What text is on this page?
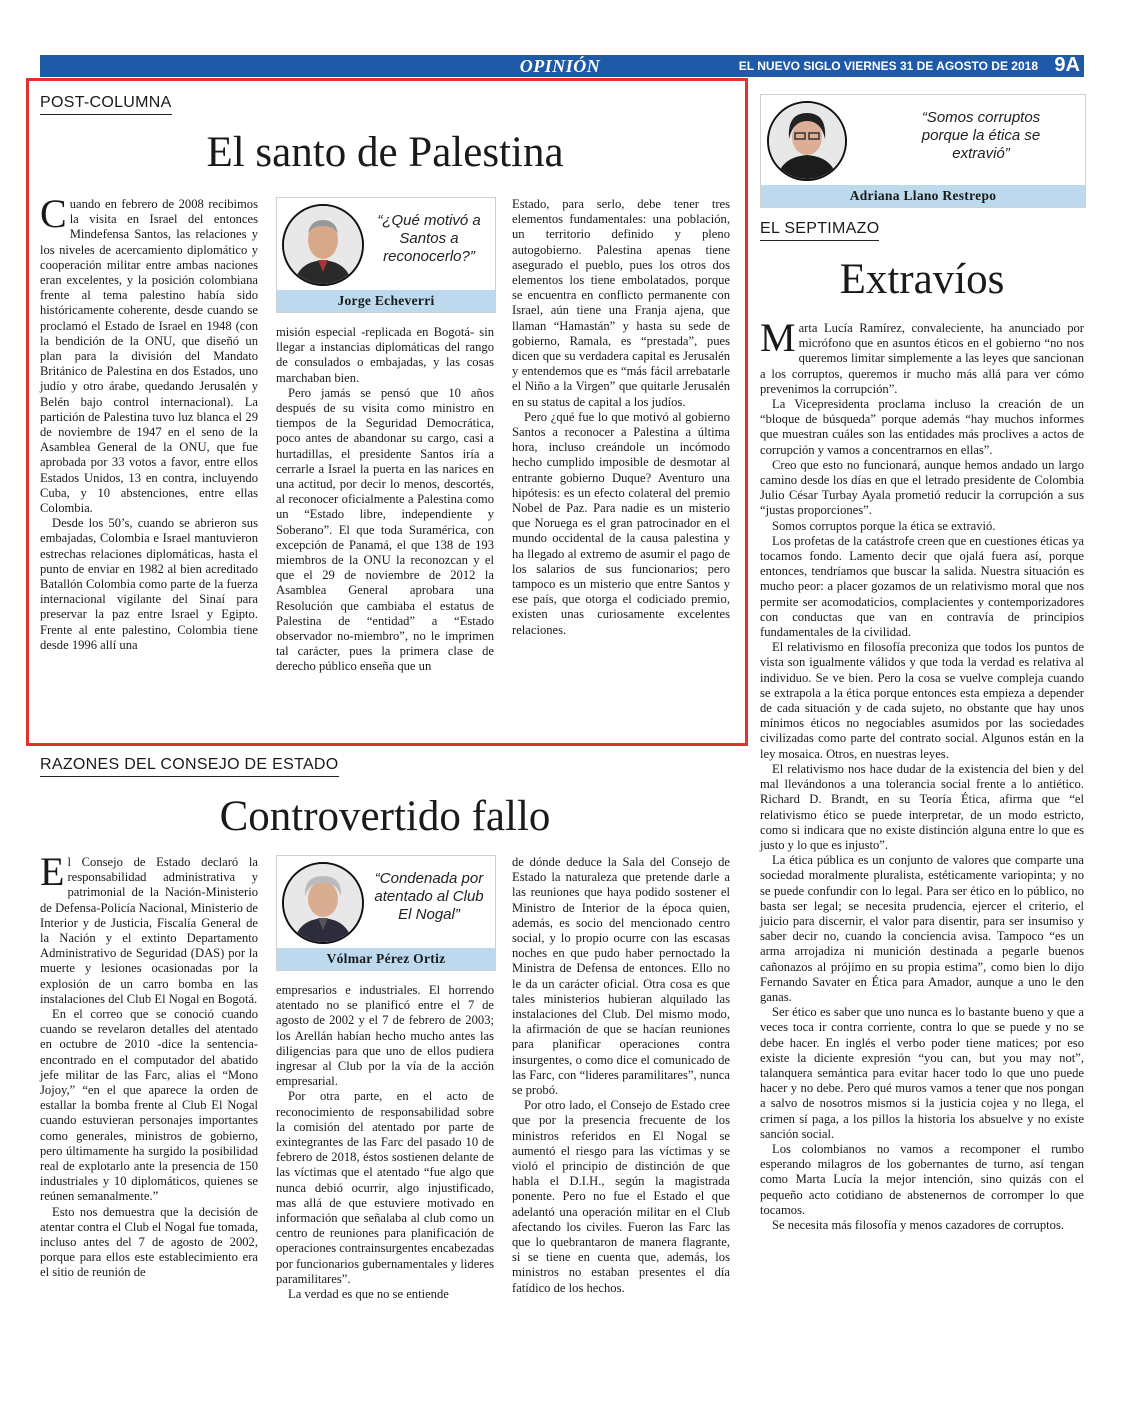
OPINIÓN	EL NUEVO SIGLO VIERNES 31 DE AGOSTO DE 2018 9A
POST-COLUMNA
El santo de Palestina

Cuando en febrero de 2008 recibimos la visita en Israel del entonces Mindefensa Santos, las relaciones y los niveles de acercamiento diplomático y cooperación militar entre ambas naciones eran excelentes, y la posición colombiana frente al tema palestino había sido históricamente coherente, desde cuando se proclamó el Estado de Israel en 1948 (con la bendición de la ONU, que diseñó un plan para la división del Mandato Británico de Palestina en dos Estados, uno judío y otro árabe, quedando Jerusalén y Belén bajo control internacional). La partición de Palestina tuvo luz blanca el 29 de noviembre de 1947 en el seno de la Asamblea General de la ONU, que fue aprobada por 33 votos a favor, entre ellos Estados Unidos, 13 en contra, incluyendo Cuba, y 10 abstenciones, entre ellas Colombia.

Desde los 50’s, cuando se abrieron sus embajadas, Colombia e Israel mantuvieron estrechas relaciones diplomáticas, hasta el punto de enviar en 1982 al bien acreditado Batallón Colombia como parte de la fuerza internacional vigilante del Sinaí para preservar la paz entre Israel y Egipto. Frente al ente palestino, Colombia tiene desde 1996 allí una

“¿Qué motivó a Santos a reconocerlo?”
Jorge Echeverri

misión especial -replicada en Bogotá- sin llegar a instancias diplomáticas del rango de consulados o embajadas, y las cosas marchaban bien.

Pero jamás se pensó que 10 años después de su visita como ministro en tiempos de la Seguridad Democrática, poco antes de abandonar su cargo, casi a hurtadillas, el presidente Santos iría a cerrarle a Israel la puerta en las narices en una actitud, por decir lo menos, descortés, al reconocer oficialmente a Palestina como un “Estado libre, independiente y Soberano”. El que toda Suramérica, con excepción de Panamá, el que 138 de 193 miembros de la ONU la reconozcan y el que el 29 de noviembre de 2012 la Asamblea General aprobara una Resolución que cambiaba el estatus de Palestina de “entidad” a “Estado observador no-miembro”, no le imprimen tal carácter, pues la primera clase de derecho público enseña que un

Estado, para serlo, debe tener tres elementos fundamentales: una población, un territorio definido y pleno autogobierno. Palestina apenas tiene asegurado el pueblo, pues los otros dos elementos los tiene embolatados, porque se encuentra en conflicto permanente con Israel, aún tiene una Franja ajena, que llaman “Hamastán” y hasta su sede de gobierno, Ramala, es “prestada”, pues dicen que su verdadera capital es Jerusalén y entendemos que es “más fácil arrebatarle el Niño a la Virgen” que quitarle Jerusalén en su status de capital a los judíos.

Pero ¿qué fue lo que motivó al gobierno Santos a reconocer a Palestina a última hora, incluso creándole un incómodo hecho cumplido imposible de desmotar al entrante gobierno Duque? Aventuro una hipótesis: es un efecto colateral del premio Nobel de Paz. Para nadie es un misterio que Noruega es el gran patrocinador en el mundo occidental de la causa palestina y ha llegado al extremo de asumir el pago de los salarios de sus funcionarios; pero tampoco es un misterio que entre Santos y ese país, que otorga el codiciado premio, existen unas curiosamente excelentes relaciones.

RAZONES DEL CONSEJO DE ESTADO
Controvertido fallo

El Consejo de Estado declaró la responsabilidad administrativa y patrimonial de la Nación-Ministerio de Defensa-Policía Nacional, Ministerio de Interior y de Justicia, Fiscalía General de la Nación y el extinto Departamento Administrativo de Seguridad (DAS) por la muerte y lesiones ocasionadas por la explosión de un carro bomba en las instalaciones del Club El Nogal en Bogotá.

En el correo que se conoció cuando cuando se revelaron detalles del atentado en octubre de 2010 -dice la sentencia- encontrado en el computador del abatido jefe militar de las Farc, alias el “Mono Jojoy,” “en el que aparece la orden de estallar la bomba frente al Club El Nogal cuando estuvieran personajes importantes como generales, ministros de gobierno, pero últimamente ha surgido la posibilidad real de explotarlo ante la presencia de 150 industriales y 10 diplomáticos, quienes se reúnen semanalmente.”

Esto nos demuestra que la decisión de atentar contra el Club el Nogal fue tomada, incluso antes del 7 de agosto de 2002, porque para ellos este establecimiento era el sitio de reunión de

“Condenada por atentado al Club El Nogal”
Vólmar Pérez Ortiz

empresarios e industriales. El horrendo atentado no se planificó entre el 7 de agosto de 2002 y el 7 de febrero de 2003; los Arellán habían hecho mucho antes las diligencias para que uno de ellos pudiera ingresar al Club por la vía de la acción empresarial.

Por otra parte, en el acto de reconocimiento de responsabilidad sobre la comisión del atentado por parte de exintegrantes de las Farc del pasado 10 de febrero de 2018, éstos sostienen delante de las víctimas que el atentado “fue algo que nunca debió ocurrir, algo injustificado, mas allá de que estuviere motivado en información que señalaba al club como un centro de reuniones para planificación de operaciones contrainsurgentes encabezadas por funcionarios gubernamentales y lideres paramilitares”.

La verdad es que no se entiende

de dónde deduce la Sala del Consejo de Estado la naturaleza que pretende darle a las reuniones que haya podido sostener el Ministro de Interior de la época quien, además, es socio del mencionado centro social, y lo propio ocurre con las escasas noches en que pudo haber pernoctado la Ministra de Defensa de entonces. Ello no le da un carácter oficial. Otra cosa es que tales ministerios hubieran alquilado las instalaciones del Club. Del mismo modo, la afirmación de que se hacían reuniones para planificar operaciones contra insurgentes, o como dice el comunicado de las Farc, con “lideres paramilitares”, nunca se probó.

Por otro lado, el Consejo de Estado cree que por la presencia frecuente de los ministros referidos en El Nogal se aumentó el riesgo para las víctimas y se violó el principio de distinción de que habla el D.I.H., según la magistrada ponente. Pero no fue el Estado el que adelantó una operación militar en el Club afectando los civiles. Fueron las Farc las que lo quebrantaron de manera flagrante, si se tiene en cuenta que, además, los ministros no estaban presentes el día fatídico de los hechos.

“Somos corruptos porque la ética se extravió”
Adriana Llano Restrepo
EL SEPTIMAZO
Extravíos

Marta Lucía Ramírez, convaleciente, ha anunciado por micrófono que en asuntos éticos en el gobierno “no nos queremos limitar simplemente a las leyes que sancionan a los corruptos, queremos ir mucho más allá para ver cómo prevenimos la corrupción”.

La Vicepresidenta proclama incluso la creación de un “bloque de búsqueda” porque además “hay muchos informes que muestran cuáles son las entidades más proclives a actos de corrupción y vamos a concentrarnos en ellas”.

Creo que esto no funcionará, aunque hemos andado un largo camino desde los días en que el letrado presidente de Colombia Julio César Turbay Ayala prometió reducir la corrupción a sus “justas proporciones”.

Somos corruptos porque la ética se extravió.

Los profetas de la catástrofe creen que en cuestiones éticas ya tocamos fondo. Lamento decir que ojalá fuera así, porque entonces, tendríamos que buscar la salida. Nuestra situación es mucho peor: a placer gozamos de un relativismo moral que nos permite ser acomodaticios, complacientes y contemporizadores con conductas que van en contravía de principios fundamentales de la civilidad.

El relativismo en filosofía preconiza que todos los puntos de vista son igualmente válidos y que toda la verdad es relativa al individuo. Se ve bien. Pero la cosa se vuelve compleja cuando se extrapola a la ética porque entonces esta empieza a depender de cada situación y de cada sujeto, no obstante que hay unos mínimos éticos no negociables asumidos por las sociedades civilizadas como parte del contrato social. Algunos están en la ley mosaica. Otros, en nuestras leyes.

El relativismo nos hace dudar de la existencia del bien y del mal llevándonos a una tolerancia social frente a lo antiético. Richard D. Brandt, en su Teoría Ética, afirma que “el relativismo ético se puede interpretar, de un modo estricto, como si indicara que no existe distinción alguna entre lo que es justo y lo que es injusto”.

La ética pública es un conjunto de valores que comparte una sociedad moralmente pluralista, estéticamente variopinta; y no se puede confundir con lo legal. Para ser ético en lo público, no basta ser legal; se necesita prudencia, ejercer el criterio, el juicio para discernir, el valor para disentir, para ser insumiso y saber decir no, cuando la conciencia avisa. Tampoco “es un arma arrojadiza ni munición destinada a pegarle buenos cañonazos al prójimo en su propia estima”, como bien lo dijo Fernando Savater en Ética para Amador, aunque a uno le den ganas.

Ser ético es saber que uno nunca es lo bastante bueno y que a veces toca ir contra corriente, contra lo que se puede y no se debe hacer. En inglés el verbo poder tiene matices; por eso existe la diciente expresión “you can, but you may not”, talanquera semántica para evitar hacer todo lo que uno puede hacer y no debe. Pero qué muros vamos a tener que nos pongan a salvo de nosotros mismos si la justicia cojea y no llega, el crimen sí paga, a los pillos la historia los absuelve y no existe sanción social.

Los colombianos no vamos a recomponer el rumbo esperando milagros de los gobernantes de turno, así tengan como Marta Lucía la mejor intención, sino quizás con el pequeño acto cotidiano de abstenernos de corromper lo que tocamos.

Se necesita más filosofía y menos cazadores de corruptos.
